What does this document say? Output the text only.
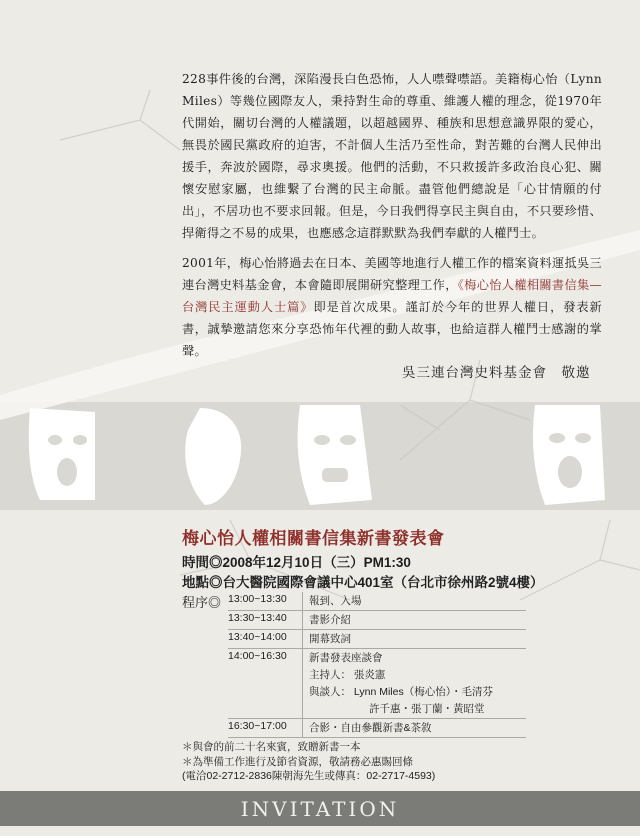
228事件後的台灣，深陷漫長白色恐怖，人人噤聲噤語。美籍梅心怡（Lynn Miles）等幾位國際友人，秉持對生命的尊重、維護人權的理念，從1970年代開始，關切台灣的人權議題，以超越國界、種族和思想意識界限的愛心，無畏於國民黨政府的迫害，不計個人生活乃至性命，對苦難的台灣人民伸出援手，奔波於國際，尋求奧援。他們的活動，不只救援許多政治良心犯、關懷安慰家屬，也維繫了台灣的民主命脈。盡管他們總說是「心甘情願的付出」，不居功也不要求回報。但是，今日我們得享民主與自由，不只要珍惜、捍衛得之不易的成果，也應感念這群默默為我們奉獻的人權鬥士。

2001年，梅心怡將過去在日本、美國等地進行人權工作的檔案資料運抵吳三連台灣史料基金會，本會隨即展開研究整理工作，《梅心怡人權相關書信集—台灣民主運動人士篇》即是首次成果。謹訂於今年的世界人權日，發表新書，誠摯邀請您來分享恐怖年代裡的動人故事，也給這群人權鬥士感謝的掌聲。

吳三連台灣史料基金會　敬邀
梅心怡人權相關書信集新書發表會
時間◎2008年12月10日（三）PM1:30
地點◎台大醫院國際會議中心401室（台北市徐州路2號4樓）
程序◎ 13:00~13:30	報到、入場
13:30~13:40	書影介紹
13:40~14:00	開幕致詞
14:00~16:30	新書發表座談會
主持人： 張炎憲
與談人： Lynn Miles（梅心怡）・毛清芬
許千惠・張丁蘭・黃昭堂
16:30~17:00	合影・自由參觀新書&茶敘
＊與會的前二十名來賓，致贈新書一本
＊為準備工作進行及節省資源，敬請務必惠賜回條
(電洽02-2712-2836陳朝海先生或傳真：02-2717-4593)
INVITATION
